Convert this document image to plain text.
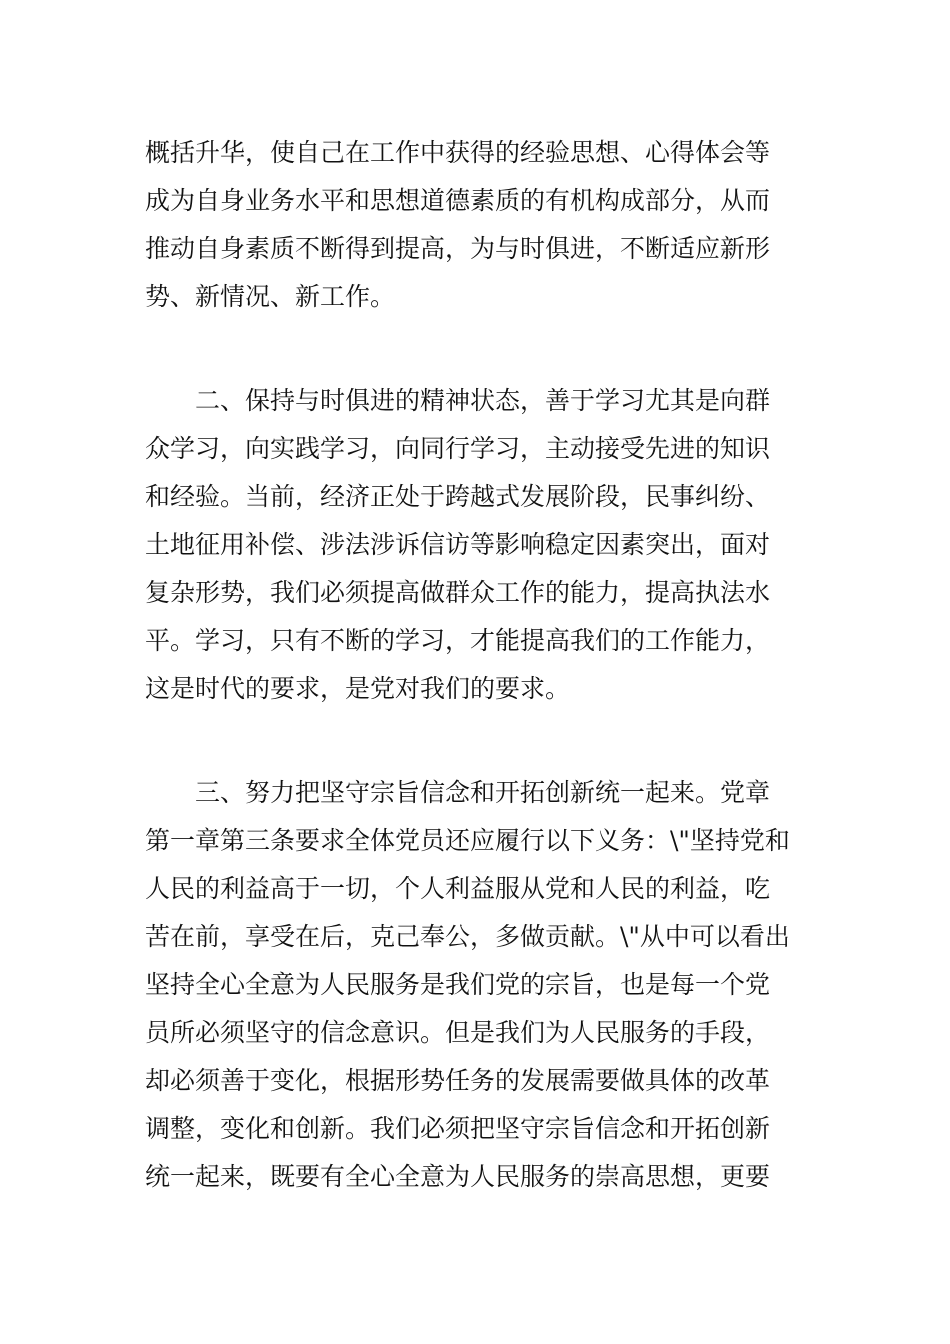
概括升华，使自己在工作中获得的经验思想、心得体会等
成为自身业务水平和思想道德素质的有机构成部分，从而
推动自身素质不断得到提高，为与时俱进，不断适应新形
势、新情况、新工作。
二、保持与时俱进的精神状态，善于学习尤其是向群
众学习，向实践学习，向同行学习，主动接受先进的知识
和经验。当前，经济正处于跨越式发展阶段，民事纠纷、
土地征用补偿、涉法涉诉信访等影响稳定因素突出，面对
复杂形势，我们必须提高做群众工作的能力，提高执法水
平。学习，只有不断的学习，才能提高我们的工作能力，
这是时代的要求，是党对我们的要求。
三、努力把坚守宗旨信念和开拓创新统一起来。党章
第一章第三条要求全体党员还应履行以下义务：\"坚持党和
人民的利益高于一切，个人利益服从党和人民的利益，吃
苦在前，享受在后，克己奉公，多做贡献。\"从中可以看出
坚持全心全意为人民服务是我们党的宗旨，也是每一个党
员所必须坚守的信念意识。但是我们为人民服务的手段，
却必须善于变化，根据形势任务的发展需要做具体的改革
调整，变化和创新。我们必须把坚守宗旨信念和开拓创新
统一起来，既要有全心全意为人民服务的崇高思想，更要
